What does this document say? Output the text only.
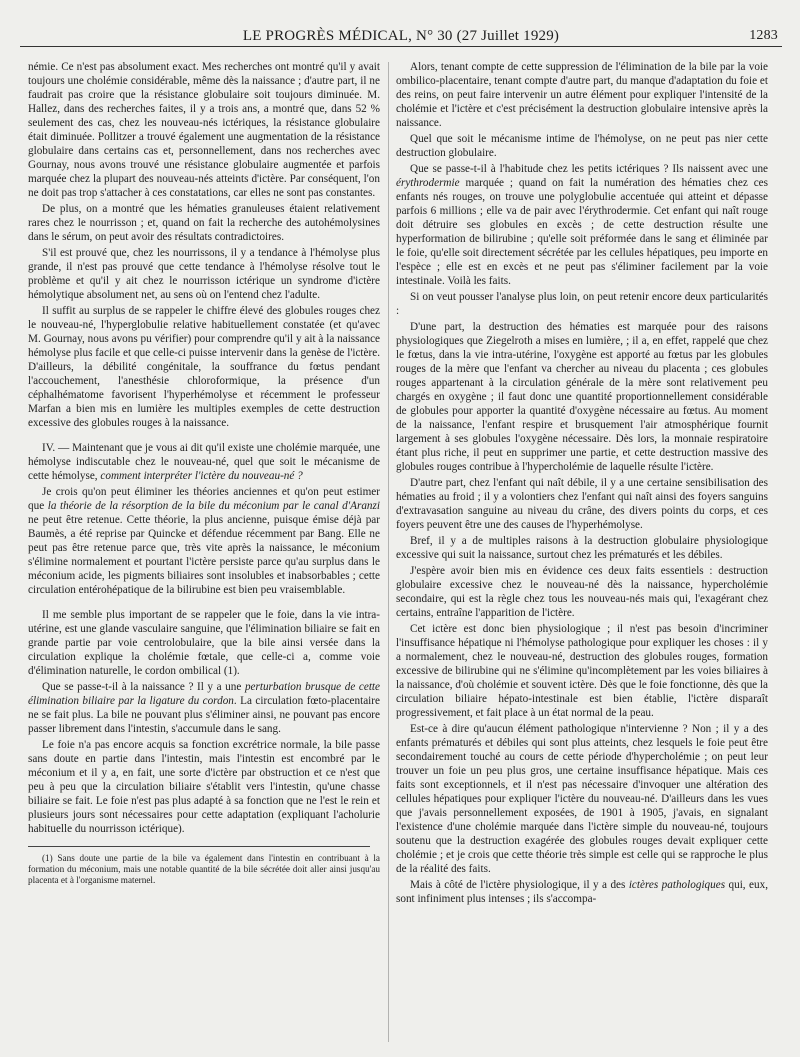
LE PROGRÈS MÉDICAL, N° 30 (27 Juillet 1929)	1283

némie. Ce n'est pas absolument exact. Mes recherches ont montré qu'il y avait toujours une cholémie considérable, même dès la naissance ; d'autre part, il ne faudrait pas croire que la résistance globulaire soit toujours diminuée. M. Hallez, dans des recherches faites, il y a trois ans, a montré que, dans 52 % seulement des cas, chez les nouveau-nés ictériques, la résistance globulaire était diminuée. Pollitzer a trouvé également une augmentation de la résistance globulaire dans certains cas et, personnellement, dans nos recherches avec Gournay, nous avons trouvé une résistance globulaire augmentée et parfois marquée chez la plupart des nouveau-nés atteints d'ictère. Par conséquent, l'on ne doit pas trop s'attacher à ces constatations, car elles ne sont pas constantes.

De plus, on a montré que les hématies granuleuses étaient relativement rares chez le nourrisson ; et, quand on fait la recherche des autohémolysines dans le sérum, on peut avoir des résultats contradictoires.

S'il est prouvé que, chez les nourrissons, il y a tendance à l'hémolyse plus grande, il n'est pas prouvé que cette tendance à l'hémolyse résolve tout le problème et qu'il y ait chez le nourrisson ictérique un syndrome d'ictère hémolytique absolument net, au sens où on l'entend chez l'adulte.

Il suffit au surplus de se rappeler le chiffre élevé des globules rouges chez le nouveau-né, l'hyperglobulie relative habituellement constatée (et qu'avec M. Gournay, nous avons pu vérifier) pour comprendre qu'il y ait à la naissance hémolyse plus facile et que celle-ci puisse intervenir dans la genèse de l'ictère. D'ailleurs, la débilité congénitale, la souffrance du fœtus pendant l'accouchement, l'anesthésie chloroformique, la présence d'un céphalhématome favorisent l'hyperhémolyse et récemment le professeur Marfan a bien mis en lumière les multiples exemples de cette destruction excessive des globules rouges à la naissance.

IV. — Maintenant que je vous ai dit qu'il existe une cholémie marquée, une hémolyse indiscutable chez le nouveau-né, quel que soit le mécanisme de cette hémolyse, comment interpréter l'ictère du nouveau-né ?

Je crois qu'on peut éliminer les théories anciennes et qu'on peut estimer que la théorie de la résorption de la bile du méconium par le canal d'Aranzi ne peut être retenue. Cette théorie, la plus ancienne, puisque émise déjà par Baumès, a été reprise par Quincke et défendue récemment par Bang. Elle ne peut pas être retenue parce que, très vite après la naissance, le méconium s'élimine normalement et pourtant l'ictère persiste parce qu'au surplus dans le méconium acide, les pigments biliaires sont insolubles et inabsorbables ; cette circulation entérohépatique de la bilirubine est bien peu vraisemblable.

Il me semble plus important de se rappeler que le foie, dans la vie intra-utérine, est une glande vasculaire sanguine, que l'élimination biliaire se fait en grande partie par voie centrolobulaire, que la bile ainsi versée dans la circulation explique la cholémie fœtale, que celle-ci a, comme voie d'élimination naturelle, le cordon ombilical (1).

Que se passe-t-il à la naissance ? Il y a une perturbation brusque de cette élimination biliaire par la ligature du cordon. La circulation fœto-placentaire ne se fait plus. La bile ne pouvant plus s'éliminer ainsi, ne pouvant pas encore passer librement dans l'intestin, s'accumule dans le sang.

Le foie n'a pas encore acquis sa fonction excrétrice normale, la bile passe sans doute en partie dans l'intestin, mais l'intestin est encombré par le méconium et il y a, en fait, une sorte d'ictère par obstruction et ce n'est que peu à peu que la circulation biliaire s'établit vers l'intestin, qu'une chasse biliaire se fait. Le foie n'est pas plus adapté à sa fonction que ne l'est le rein et plusieurs jours sont nécessaires pour cette adaptation (expliquant l'acholurie habituelle du nourrisson ictérique).

(1) Sans doute une partie de la bile va également dans l'intestin en contribuant à la formation du méconium, mais une notable quantité de la bile sécrétée doit aller ainsi jusqu'au placenta et à l'organisme maternel.

Alors, tenant compte de cette suppression de l'élimination de la bile par la voie ombilico-placentaire, tenant compte d'autre part, du manque d'adaptation du foie et des reins, on peut faire intervenir un autre élément pour expliquer l'intensité de la cholémie et l'ictère et c'est précisément la destruction globulaire intensive après la naissance.

Quel que soit le mécanisme intime de l'hémolyse, on ne peut pas nier cette destruction globulaire.

Que se passe-t-il à l'habitude chez les petits ictériques ? Ils naissent avec une érythrodermie marquée ; quand on fait la numération des hématies chez ces enfants nés rouges, on trouve une polyglobulie accentuée qui atteint et dépasse parfois 6 millions ; elle va de pair avec l'érythrodermie. Cet enfant qui naît rouge doit détruire ses globules en excès ; de cette destruction résulte une hyperformation de bilirubine ; qu'elle soit préformée dans le sang et éliminée par le foie, qu'elle soit directement sécrétée par les cellules hépatiques, peu importe en l'espèce ; elle est en excès et ne peut pas s'éliminer facilement par la voie intestinale. Voilà les faits.

Si on veut pousser l'analyse plus loin, on peut retenir encore deux particularités :

D'une part, la destruction des hématies est marquée pour des raisons physiologiques que Ziegelroth a mises en lumière, ; il a, en effet, rappelé que chez le fœtus, dans la vie intra-utérine, l'oxygène est apporté au fœtus par les globules rouges de la mère que l'enfant va chercher au niveau du placenta ; ces globules rouges appartenant à la circulation générale de la mère sont relativement peu chargés en oxygène ; il faut donc une quantité proportionnellement considérable de globules pour apporter la quantité d'oxygène nécessaire au fœtus. Au moment de la naissance, l'enfant respire et brusquement l'air atmosphérique fournit largement à ses globules l'oxygène nécessaire. Dès lors, la monnaie respiratoire étant plus riche, il peut en supprimer une partie, et cette destruction massive des globules rouges contribue à l'hypercholémie de laquelle résulte l'ictère.

D'autre part, chez l'enfant qui naît débile, il y a une certaine sensibilisation des hématies au froid ; il y a volontiers chez l'enfant qui naît ainsi des foyers sanguins d'extravasation sanguine au niveau du crâne, des divers points du corps, et ces foyers peuvent être une des causes de l'hyperhémolyse.

Bref, il y a de multiples raisons à la destruction globulaire physiologique excessive qui suit la naissance, surtout chez les prématurés et les débiles.

J'espère avoir bien mis en évidence ces deux faits essentiels : destruction globulaire excessive chez le nouveau-né dès la naissance, hypercholémie secondaire, qui est la règle chez tous les nouveau-nés mais qui, l'exagérant chez certains, entraîne l'apparition de l'ictère.

Cet ictère est donc bien physiologique ; il n'est pas besoin d'incriminer l'insuffisance hépatique ni l'hémolyse pathologique pour expliquer les choses : il y a normalement, chez le nouveau-né, destruction des globules rouges, formation excessive de bilirubine qui ne s'élimine qu'incomplètement par les voies biliaires à la naissance, d'où cholémie et souvent ictère. Dès que le foie fonctionne, dès que la circulation biliaire hépato-intestinale est bien établie, l'ictère disparaît progressivement, et fait place à un état normal de la peau.

Est-ce à dire qu'aucun élément pathologique n'intervienne ? Non ; il y a des enfants prématurés et débiles qui sont plus atteints, chez lesquels le foie peut être secondairement touché au cours de cette période d'hypercholémie ; on peut leur trouver un foie un peu plus gros, une certaine insuffisance hépatique. Mais ces faits sont exceptionnels, et il n'est pas nécessaire d'invoquer une altération des cellules hépatiques pour expliquer l'ictère du nouveau-né. D'ailleurs dans les vues que j'avais personnellement exposées, de 1901 à 1905, j'avais, en signalant l'existence d'une cholémie marquée dans l'ictère simple du nouveau-né, toujours soutenu que la destruction exagérée des globules rouges devait expliquer cette cholémie ; et je crois que cette théorie très simple est celle qui se rapproche le plus de la réalité des faits.

Mais à côté de l'ictère physiologique, il y a des ictères pathologiques qui, eux, sont infiniment plus intenses ; ils s'accompa-
